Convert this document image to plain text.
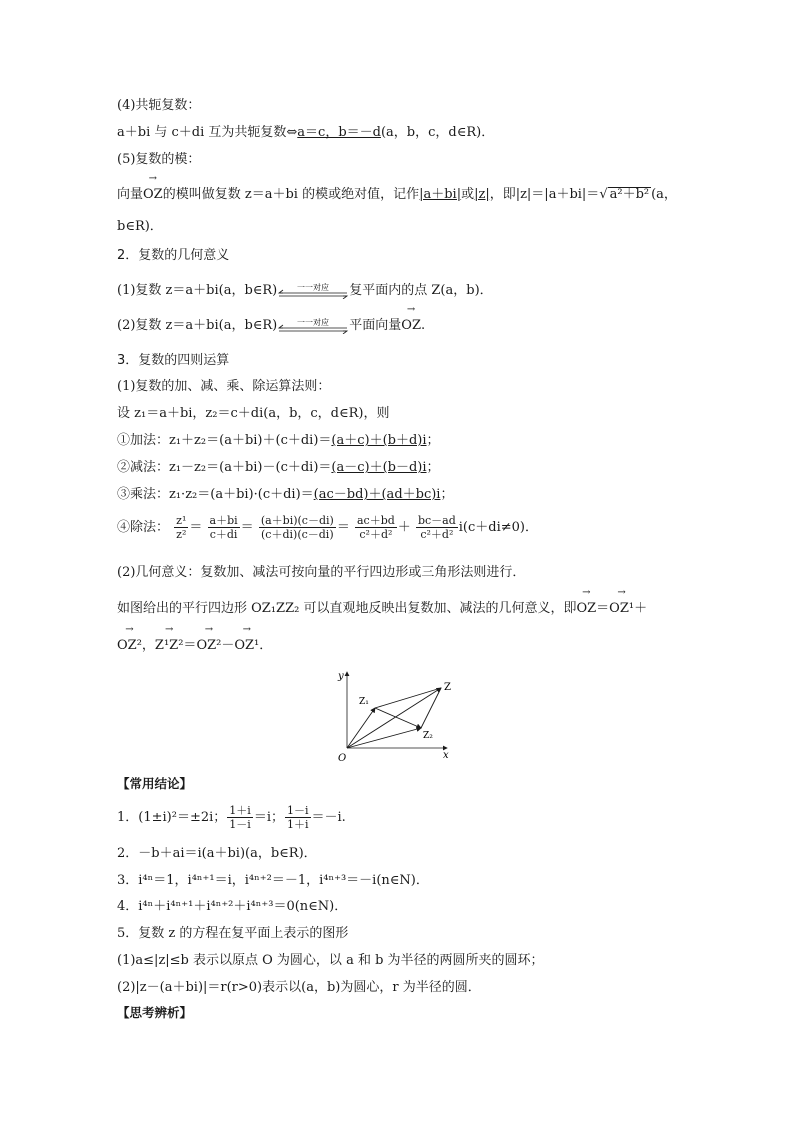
(4)共轭复数：
a＋bi 与 c＋di 互为共轭复数⇔a＝c，b＝－d(a，b，c，d∈R)．
(5)复数的模：
向量→ OZ的模叫做复数 z＝a＋bi 的模或绝对值，记作|a＋bi|或|z|，即|z|＝|a＋bi|＝√ a²＋b² (a，
b∈R)．
2．复数的几何意义
(1)复数 z＝a＋bi(a，b∈R)	一一对应 复平面内的点 Z(a，b)．
(2)复数 z＝a＋bi(a，b∈R)	一一对应 平面向量→ OZ.
3．复数的四则运算
(1)复数的加、减、乘、除运算法则：
设 z₁＝a＋bi，z₂＝c＋di(a，b，c，d∈R)，则
①加法：z₁＋z₂＝(a＋bi)＋(c＋di)＝(a＋c)＋(b＋d)i；
②减法：z₁－z₂＝(a＋bi)－(c＋di)＝(a－c)＋(b－d)i；
③乘法：z₁·z₂＝(a＋bi)·(c＋di)＝(ac－bd)＋(ad＋bc)i；
④除法： $\frac{\text{z¹}}{\text{z²}} = \frac{a+bi}{c+di} = \frac{(a+bi)(c-di)}{(c+di)(c-di)} = \frac{ac+bd}{\text{c²＋d²}} + \frac{bc-ad}{\text{c²＋d²}} i(c+di\ne 0)$．
(2)几何意义：复数加、减法可按向量的平行四边形或三角形法则进行．
如图给出的平行四边形 OZ₁ZZ₂ 可以直观地反映出复数加、减法的几何意义，即→ OZ＝→ OZ¹＋
→ OZ²，→ Z¹Z²＝→ OZ²－→ OZ¹．
y
x
O
Z
Z₁
Z₂
【常用结论】
1．(1±i)²＝±2i； $\frac{1+i}{1-i} =i$； $\frac{1-i}{1+i} =-i$.
2．－b＋ai＝i(a＋bi)(a，b∈R)．
3．i⁴ⁿ＝1，i⁴ⁿ⁺¹＝i，i⁴ⁿ⁺²＝－1，i⁴ⁿ⁺³＝－i(n∈N)．
4．i⁴ⁿ＋i⁴ⁿ⁺¹＋i⁴ⁿ⁺²＋i⁴ⁿ⁺³＝0(n∈N)．
5．复数 z 的方程在复平面上表示的图形
(1)a≤|z|≤b 表示以原点 O 为圆心，以 a 和 b 为半径的两圆所夹的圆环；
(2)|z－(a＋bi)|＝r(r>0)表示以(a，b)为圆心，r 为半径的圆．
【思考辨析】
